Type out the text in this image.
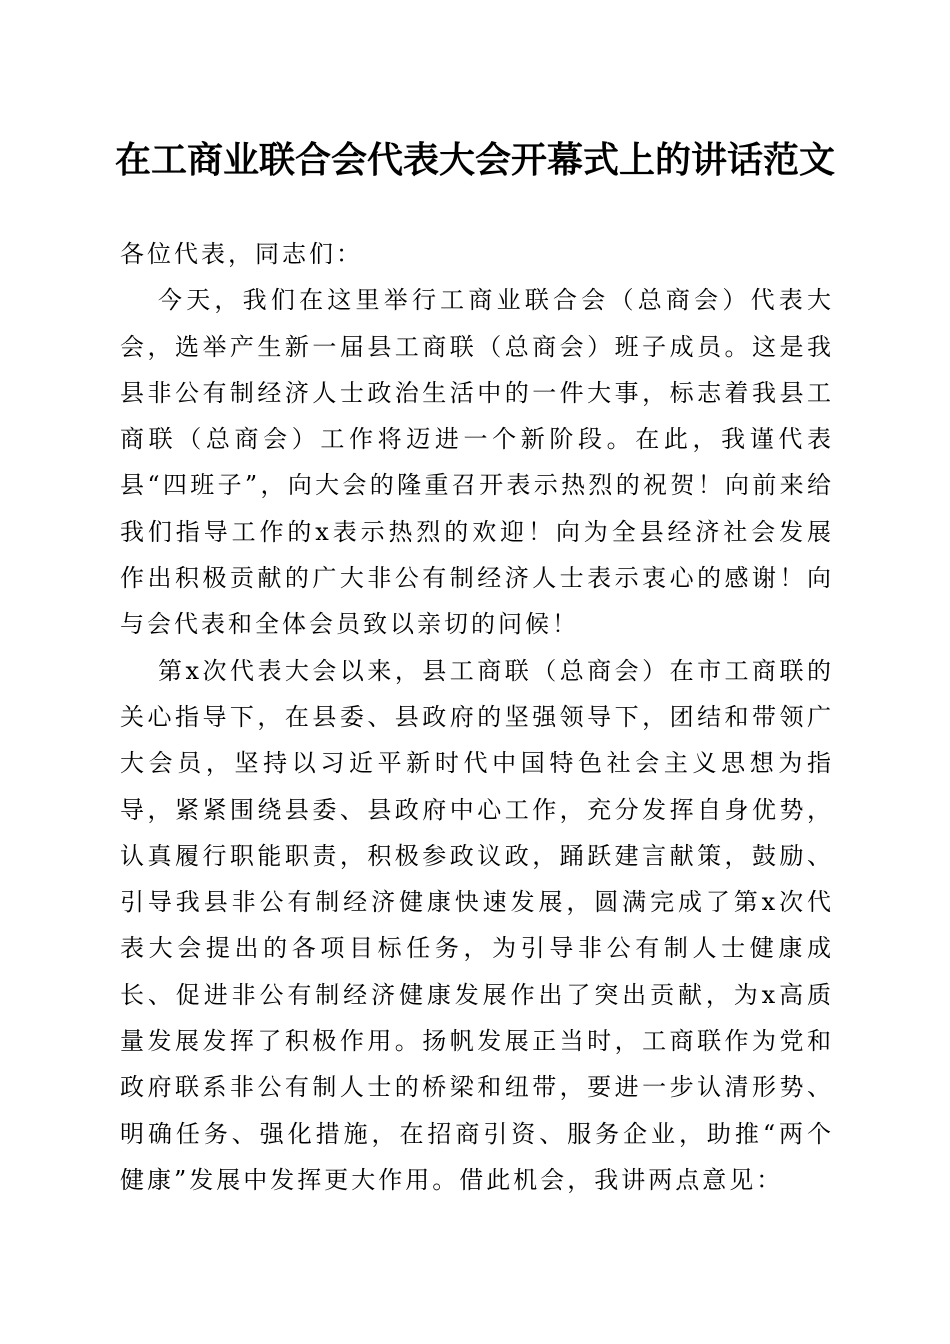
在工商业联合会代表大会开幕式上的讲话范文

各位代表，同志们：

今天，我们在这里举行工商业联合会（总商会）代表大会，选举产生新一届县工商联（总商会）班子成员。这是我县非公有制经济人士政治生活中的一件大事，标志着我县工商联（总商会）工作将迈进一个新阶段。在此，我谨代表县“四班子”，向大会的隆重召开表示热烈的祝贺！向前来给我们指导工作的x表示热烈的欢迎！向为全县经济社会发展作出积极贡献的广大非公有制经济人士表示衷心的感谢！向与会代表和全体会员致以亲切的问候！

第x次代表大会以来，县工商联（总商会）在市工商联的关心指导下，在县委、县政府的坚强领导下，团结和带领广大会员，坚持以习近平新时代中国特色社会主义思想为指导，紧紧围绕县委、县政府中心工作，充分发挥自身优势，认真履行职能职责，积极参政议政，踊跃建言献策，鼓励、引导我县非公有制经济健康快速发展，圆满完成了第x次代表大会提出的各项目标任务，为引导非公有制人士健康成长、促进非公有制经济健康发展作出了突出贡献，为x高质量发展发挥了积极作用。扬帆发展正当时，工商联作为党和政府联系非公有制人士的桥梁和纽带，要进一步认清形势、明确任务、强化措施，在招商引资、服务企业，助推“两个健康”发展中发挥更大作用。借此机会，我讲两点意见：
